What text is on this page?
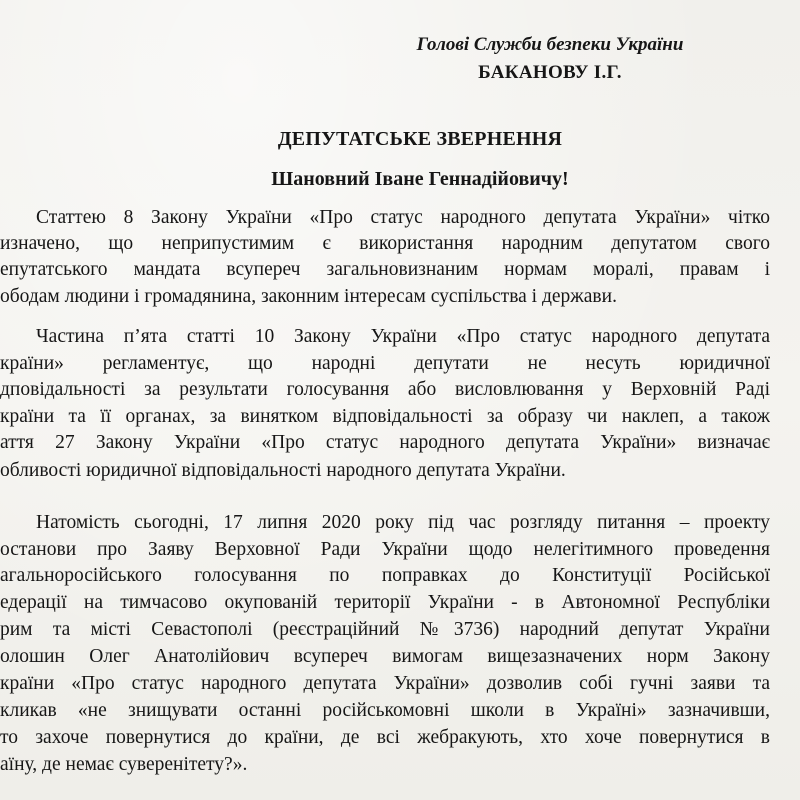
Голові Служби безпеки України
БАКАНОВУ І.Г.
ДЕПУТАТСЬКЕ ЗВЕРНЕННЯ
Шановний Іване Геннадійовичу!
Статтею 8 Закону України «Про статус народного депутата України» чітко
изначено, що неприпустимим є використання народним депутатом свого
епутатського мандата всупереч загальновизнаним нормам моралі, правам і
ободам людини і громадянина, законним інтересам суспільства і держави.
Частина п’ята статті 10 Закону України «Про статус народного депутата
країни» регламентує, що народні депутати не несуть юридичної
дповідальності за результати голосування або висловлювання у Верховній Раді
країни та її органах, за винятком відповідальності за образу чи наклеп, а також
аття 27 Закону України «Про статус народного депутата України» визначає
обливості юридичної відповідальності народного депутата України.
Натомість сьогодні, 17 липня 2020 року під час розгляду питання – проекту
останови про Заяву Верховної Ради України щодо нелегітимного проведення
агальноросійського голосування по поправках до Конституції Російської
едерації на тимчасово окупованій території України - в Автономної Республіки
рим та місті Севастополі (реєстраційний №3736) народний депутат України
олошин Олег Анатолійович всупереч вимогам вищезазначених норм Закону
країни «Про статус народного депутата України» дозволив собі гучні заяви та
кликав «не знищувати останні російськомовні школи в Україні» зазначивши,
то захоче повернутися до країни, де всі жебракують, хто хоче повернутися в
аїну, де немає суверенітету?».
